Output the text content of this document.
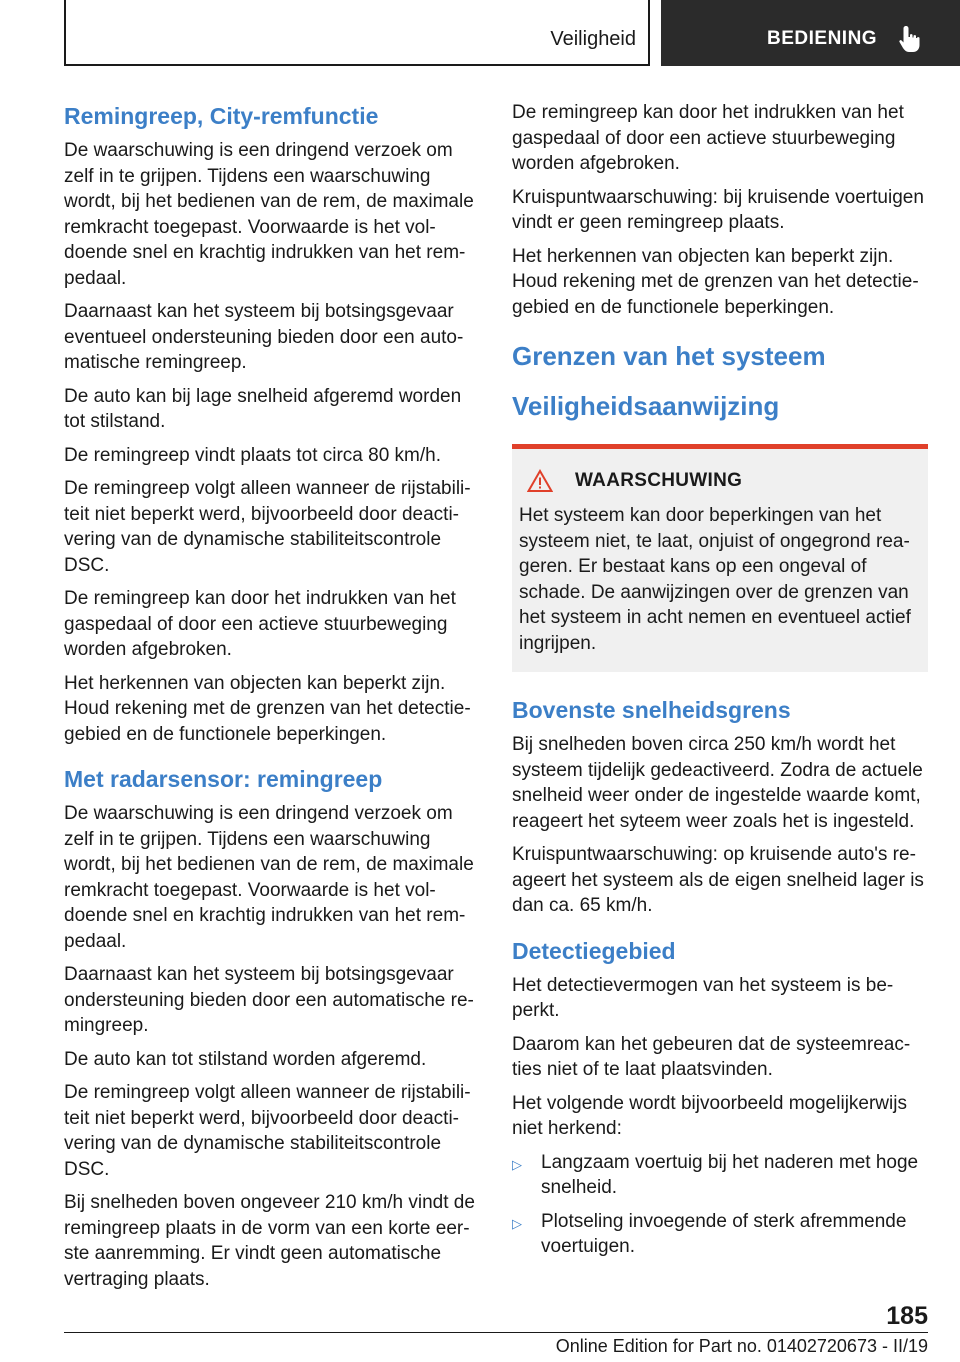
Veiligheid	BEDIENING
Remingreep, City-remfunctie

De waarschuwing is een dringend verzoek om zelf in te grijpen. Tijdens een waarschuwing wordt, bij het bedienen van de rem, de maximale remkracht toegepast. Voorwaarde is het vol-doende snel en krachtig indrukken van het rem-pedaal.

Daarnaast kan het systeem bij botsingsgevaar eventueel ondersteuning bieden door een auto-matische remingreep.

De auto kan bij lage snelheid afgeremd worden tot stilstand.

De remingreep vindt plaats tot circa 80 km/h.

De remingreep volgt alleen wanneer de rijstabili-teit niet beperkt werd, bijvoorbeeld door deacti-vering van de dynamische stabiliteitscontrole DSC.

De remingreep kan door het indrukken van het gaspedaal of door een actieve stuurbeweging worden afgebroken.

Het herkennen van objecten kan beperkt zijn. Houd rekening met de grenzen van het detectie-gebied en de functionele beperkingen.

Met radarsensor: remingreep

De waarschuwing is een dringend verzoek om zelf in te grijpen. Tijdens een waarschuwing wordt, bij het bedienen van de rem, de maximale remkracht toegepast. Voorwaarde is het vol-doende snel en krachtig indrukken van het rem-pedaal.

Daarnaast kan het systeem bij botsingsgevaar ondersteuning bieden door een automatische re-mingreep.

De auto kan tot stilstand worden afgeremd.

De remingreep volgt alleen wanneer de rijstabili-teit niet beperkt werd, bijvoorbeeld door deacti-vering van de dynamische stabiliteitscontrole DSC.

Bij snelheden boven ongeveer 210 km/h vindt de remingreep plaats in de vorm van een korte eer-ste aanremming. Er vindt geen automatische vertraging plaats.

De remingreep kan door het indrukken van het gaspedaal of door een actieve stuurbeweging worden afgebroken.

Kruispuntwaarschuwing: bij kruisende voertuigen vindt er geen remingreep plaats.

Het herkennen van objecten kan beperkt zijn. Houd rekening met de grenzen van het detectie-gebied en de functionele beperkingen.

Grenzen van het systeem
Veiligheidsaanwijzing
WAARSCHUWING

Het systeem kan door beperkingen van het systeem niet, te laat, onjuist of ongegrond rea-geren. Er bestaat kans op een ongeval of schade. De aanwijzingen over de grenzen van het systeem in acht nemen en eventueel actief ingrijpen.

Bovenste snelheidsgrens

Bij snelheden boven circa 250 km/h wordt het systeem tijdelijk gedeactiveerd. Zodra de actuele snelheid weer onder de ingestelde waarde komt, reageert het syteem weer zoals het is ingesteld.

Kruispuntwaarschuwing: op kruisende auto's re-ageert het systeem als de eigen snelheid lager is dan ca. 65 km/h.

Detectiegebied

Het detectievermogen van het systeem is be-perkt.

Daarom kan het gebeuren dat de systeemreac-ties niet of te laat plaatsvinden.

Het volgende wordt bijvoorbeeld mogelijkerwijs niet herkend:

▷	Langzaam voertuig bij het naderen met hoge snelheid.
▷	Plotseling invoegende of sterk afremmende voertuigen.
185
Online Edition for Part no. 01402720673 - II/19
